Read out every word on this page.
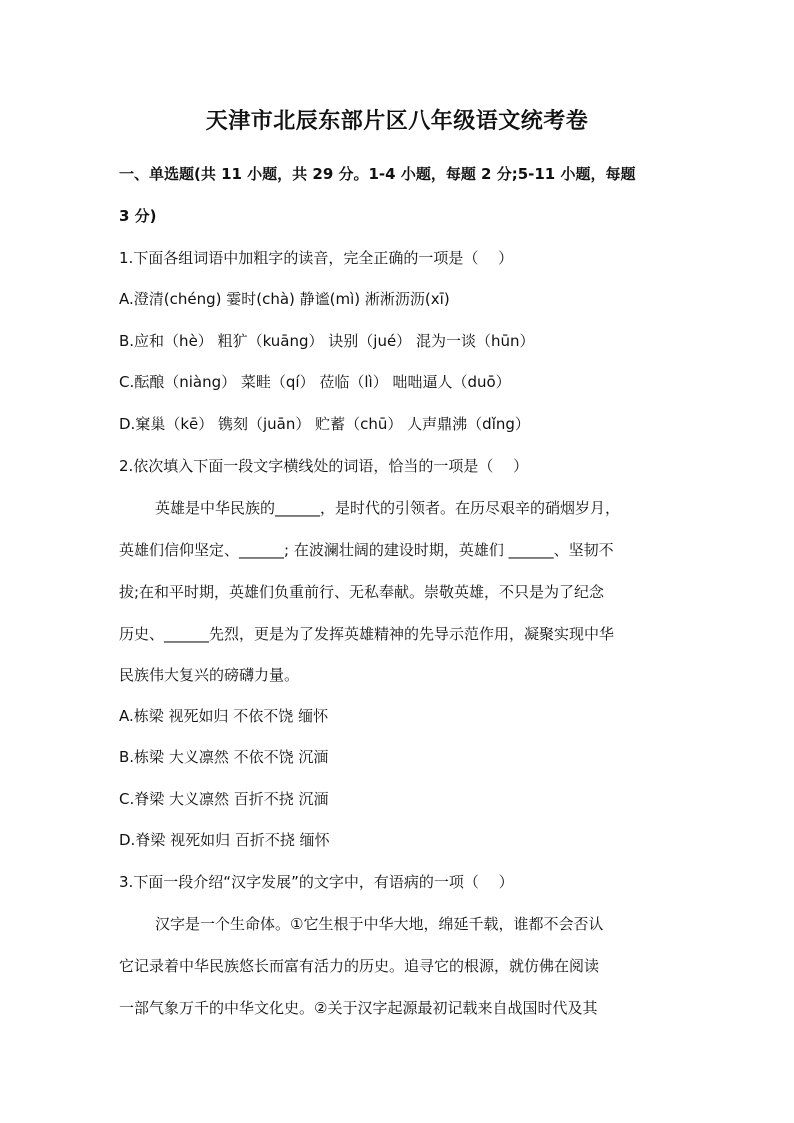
天津市北辰东部片区八年级语文统考卷

一、单选题(共 11 小题，共 29 分。1-4 小题，每题 2 分;5-11 小题，每题

3 分)

1.下面各组词语中加粗字的读音，完全正确的一项是（　 ）

A.澄清(chéng) 霎时(chà) 静谧(mì) 淅淅沥沥(xī)

B.应和（hè） 粗犷（kuāng） 诀别（jué） 混为一谈（hūn）

C.酝酿（niàng） 菜畦（qí） 莅临（lì） 咄咄逼人（duō）

D.窠巢（kē） 镌刻（juān） 贮蓄（chū） 人声鼎沸（dǐng）

2.依次填入下面一段文字横线处的词语，恰当的一项是（　 ）

英雄是中华民族的______，是时代的引领者。在历尽艰辛的硝烟岁月，

英雄们信仰坚定、______; 在波澜壮阔的建设时期，英雄们 ______、坚韧不

拔;在和平时期，英雄们负重前行、无私奉献。崇敬英雄，不只是为了纪念

历史、______先烈，更是为了发挥英雄精神的先导示范作用，凝聚实现中华

民族伟大复兴的磅礴力量。

A.栋梁 视死如归 不依不饶 缅怀

B.栋梁 大义凛然 不依不饶 沉湎

C.脊梁 大义凛然 百折不挠 沉湎

D.脊梁 视死如归 百折不挠 缅怀

3.下面一段介绍“汉字发展”的文字中，有语病的一项（　 ）

汉字是一个生命体。①它生根于中华大地，绵延千载，谁都不会否认

它记录着中华民族悠长而富有活力的历史。追寻它的根源，就仿佛在阅读

一部气象万千的中华文化史。②关于汉字起源最初记载来自战国时代及其
